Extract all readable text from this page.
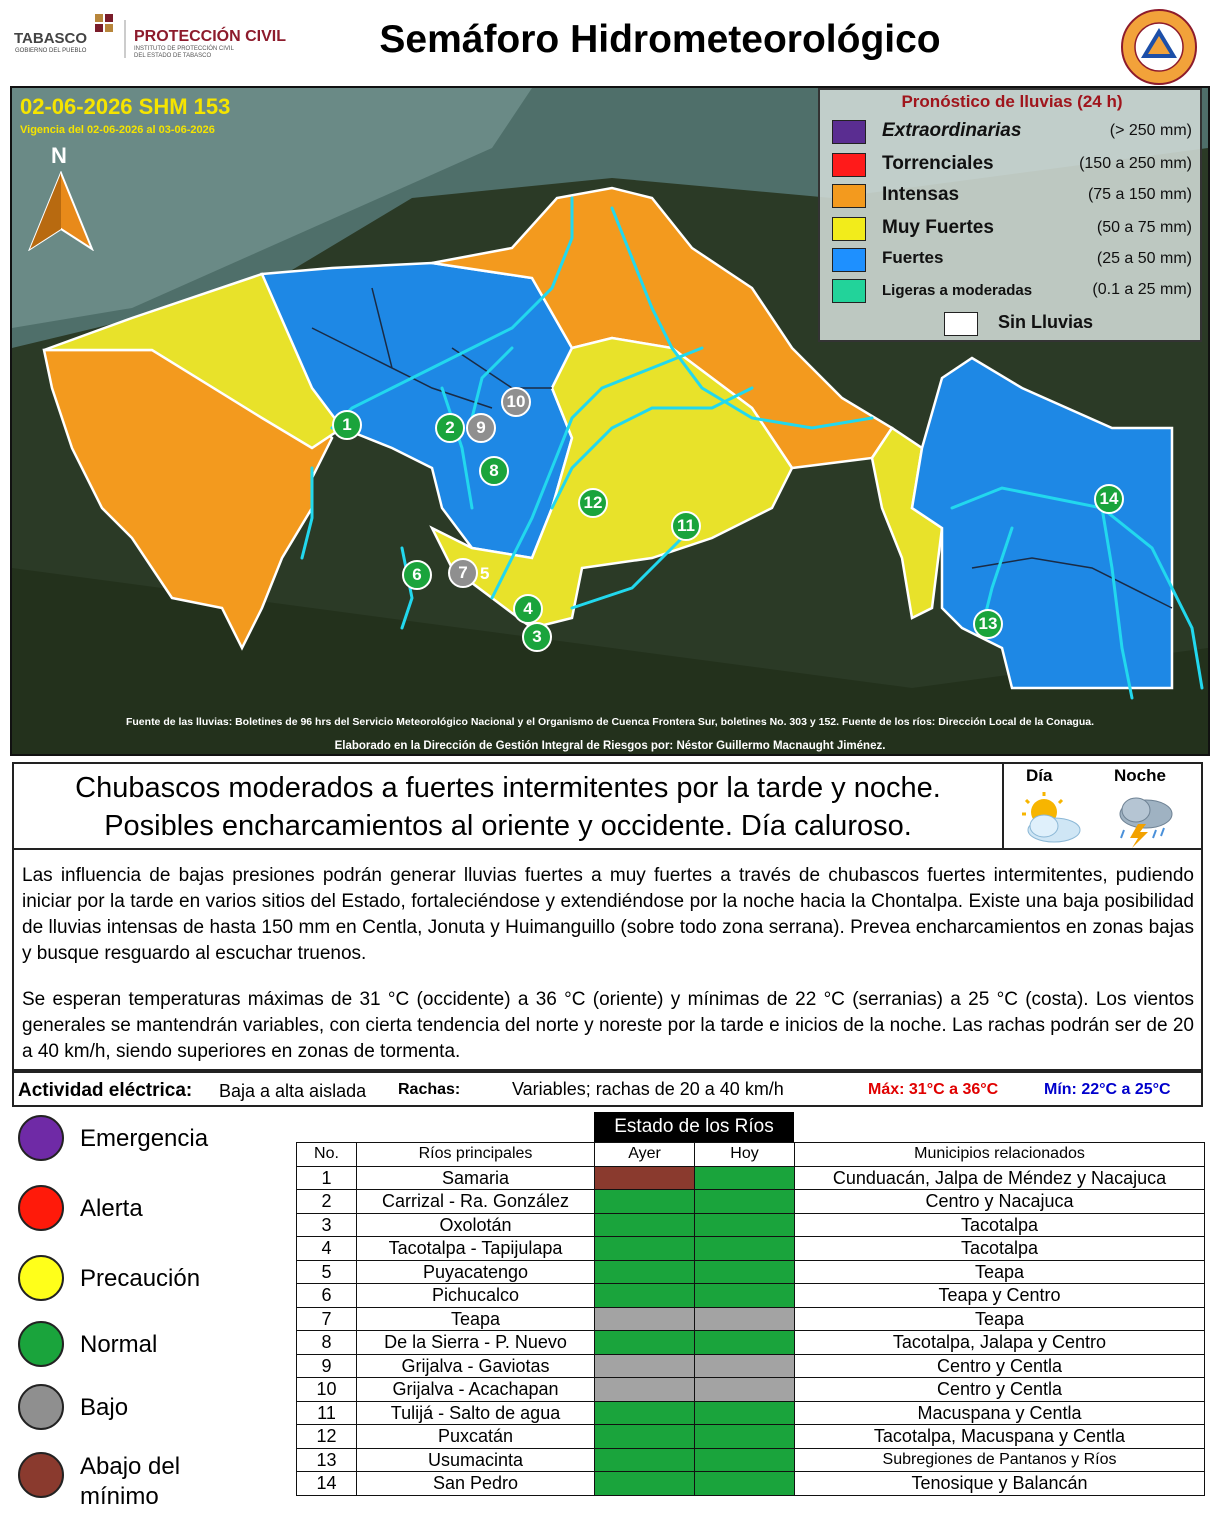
TABASCO
GOBIERNO DEL PUEBLO
PROTECCIÓN CIVIL
INSTITUTO DE PROTECCIÓN CIVIL
DEL ESTADO DE TABASCO	Semáforo Hidrometeorológico
02-06-2026 SHM 153
Vigencia del 02-06-2026 al 03-06-2026
N
Pronóstico de lluvias (24 h)
Extraordinarias	(> 250 mm)
Torrenciales	(150 a 250 mm)
Intensas	(75 a 150 mm)
Muy Fuertes	(50 a 75 mm)
Fuertes	(25 a 50 mm)
Ligeras a moderadas	(0.1 a 25 mm)
Sin Lluvias
1	2	9
10
8
12
11
14
6	7 5
4
3
13
Fuente de las lluvias: Boletines de 96 hrs del Servicio Meteorológico Nacional y el Organismo de Cuenca Frontera Sur, boletines No. 303 y 152. Fuente de los ríos: Dirección Local de la Conagua.
Elaborado en la Dirección de Gestión Integral de Riesgos por: Néstor Guillermo Macnaught Jiménez.
Chubascos moderados a fuertes intermitentes por la tarde y noche.
Posibles encharcamientos al oriente y occidente. Día caluroso.
Día	Noche

Las influencia de bajas presiones podrán generar lluvias fuertes a muy fuertes a través de chubascos fuertes intermitentes, pudiendo iniciar por la tarde en varios sitios del Estado, fortaleciéndose y extendiéndose por la noche hacia la Chontalpa. Existe una baja posibilidad de lluvias intensas de hasta 150 mm en Centla, Jonuta y Huimanguillo (sobre todo zona serrana). Prevea encharcamientos en zonas bajas y busque resguardo al escuchar truenos.

Se esperan temperaturas máximas de 31 °C (occidente) a 36 °C (oriente) y mínimas de 22 °C (serranias) a 25 °C (costa). Los vientos generales se mantendrán variables, con cierta tendencia del norte y noreste por la tarde e inicios de la noche. Las rachas podrán ser de 20 a 40 km/h, siendo superiores en zonas de tormenta.

Actividad eléctrica: Baja a alta aislada Rachas:	Variables; rachas de 20 a 40 km/h	Máx: 31°C a 36°C	Mín: 22°C a 25°C
Emergencia
Alerta
Precaución
Normal
Bajo
Abajo del mínimo
Estado de los Ríos
No.	Ríos principales	Ayer	Hoy	Municipios relacionados
1	Samaria			Cunduacán, Jalpa de Méndez y Nacajuca
2	Carrizal - Ra. González			Centro y Nacajuca
3	Oxolotán			Tacotalpa
4	Tacotalpa - Tapijulapa			Tacotalpa
5	Puyacatengo			Teapa
6	Pichucalco			Teapa y Centro
7	Teapa			Teapa
8	De la Sierra - P. Nuevo			Tacotalpa, Jalapa y Centro
9	Grijalva - Gaviotas			Centro y Centla
10	Grijalva - Acachapan			Centro y Centla
11	Tulijá - Salto de agua			Macuspana y Centla
12	Puxcatán			Tacotalpa, Macuspana y Centla
13	Usumacinta			Subregiones de Pantanos y Ríos
14	San Pedro			Tenosique y Balancán
